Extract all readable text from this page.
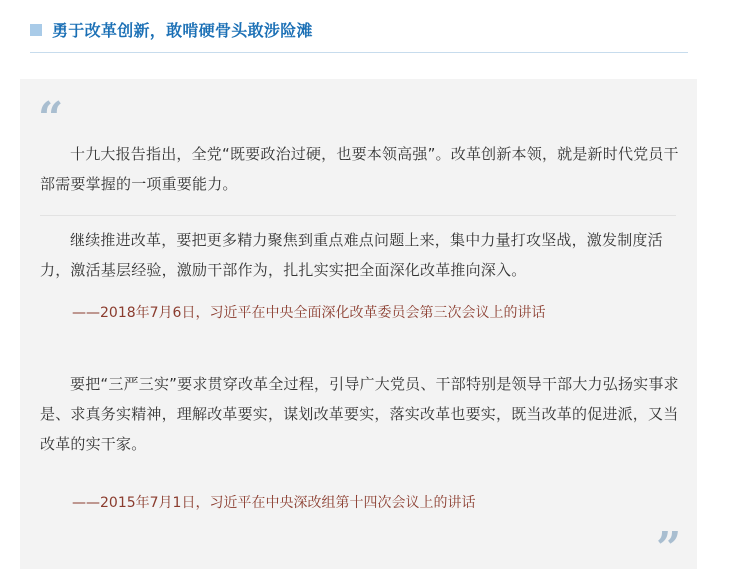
勇于改革创新，敢啃硬骨头敢涉险滩
“

十九大报告指出，全党“既要政治过硬，也要本领高强”。改革创新本领，就是新时代党员干部需要掌握的一项重要能力。

继续推进改革，要把更多精力聚焦到重点难点问题上来，集中力量打攻坚战，激发制度活力，激活基层经验，激励干部作为，扎扎实实把全面深化改革推向深入。

——2018年7月6日，习近平在中央全面深化改革委员会第三次会议上的讲话

要把“三严三实”要求贯穿改革全过程，引导广大党员、干部特别是领导干部大力弘扬实事求是、求真务实精神，理解改革要实，谋划改革要实，落实改革也要实，既当改革的促进派，又当改革的实干家。

——2015年7月1日，习近平在中央深改组第十四次会议上的讲话
”
